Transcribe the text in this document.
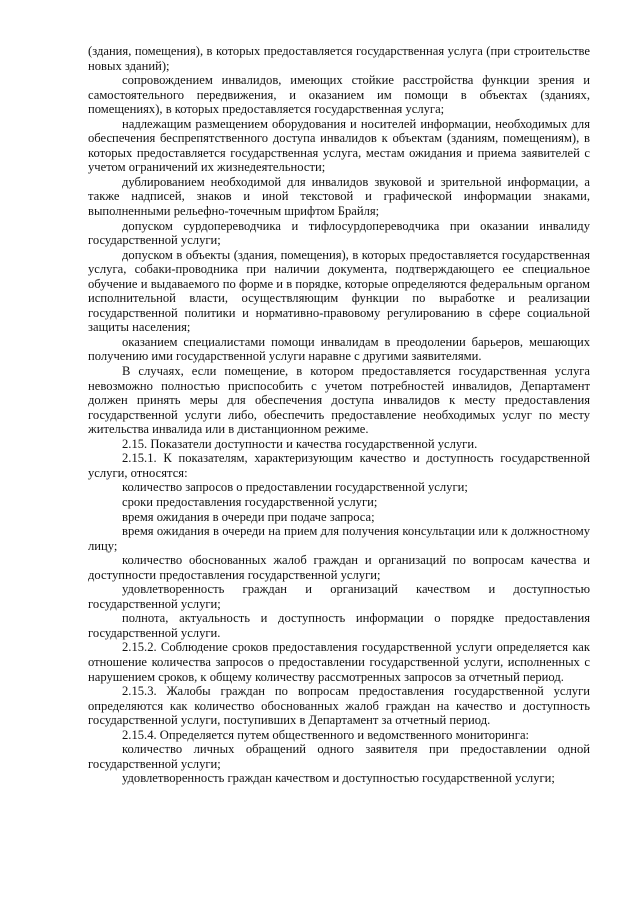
(здания, помещения), в которых предоставляется государственная услуга (при строительстве новых зданий);

сопровождением инвалидов, имеющих стойкие расстройства функции зрения и самостоятельного передвижения, и оказанием им помощи в объектах (зданиях, помещениях), в которых предоставляется государственная услуга;

надлежащим размещением оборудования и носителей информации, необходимых для обеспечения беспрепятственного доступа инвалидов к объектам (зданиям, помещениям), в которых предоставляется государственная услуга, местам ожидания и приема заявителей с учетом ограничений их жизнедеятельности;

дублированием необходимой для инвалидов звуковой и зрительной информации, а также надписей, знаков и иной текстовой и графической информации знаками, выполненными рельефно-точечным шрифтом Брайля;

допуском сурдопереводчика и тифлосурдопереводчика при оказании инвалиду государственной услуги;

допуском в объекты (здания, помещения), в которых предоставляется государственная услуга, собаки-проводника при наличии документа, подтверждающего ее специальное обучение и выдаваемого по форме и в порядке, которые определяются федеральным органом исполнительной власти, осуществляющим функции по выработке и реализации государственной политики и нормативно-правовому регулированию в сфере социальной защиты населения;

оказанием специалистами помощи инвалидам в преодолении барьеров, мешающих получению ими государственной услуги наравне с другими заявителями.

В случаях, если помещение, в котором предоставляется государственная услуга невозможно полностью приспособить с учетом потребностей инвалидов, Департамент должен принять меры для обеспечения доступа инвалидов к месту предоставления государственной услуги либо, обеспечить предоставление необходимых услуг по месту жительства инвалида или в дистанционном режиме.

2.15. Показатели доступности и качества государственной услуги.

2.15.1. К показателям, характеризующим качество и доступность государственной услуги, относятся:

количество запросов о предоставлении государственной услуги;

сроки предоставления государственной услуги;

время ожидания в очереди при подаче запроса;

время ожидания в очереди на прием для получения консультации или к должностному лицу;

количество обоснованных жалоб граждан и организаций по вопросам качества и доступности предоставления государственной услуги;

удовлетворенность граждан и организаций качеством и доступностью государственной услуги;

полнота, актуальность и доступность информации о порядке предоставления государственной услуги.

2.15.2. Соблюдение сроков предоставления государственной услуги определяется как отношение количества запросов о предоставлении государственной услуги, исполненных с нарушением сроков, к общему количеству рассмотренных запросов за отчетный период.

2.15.3. Жалобы граждан по вопросам предоставления государственной услуги определяются как количество обоснованных жалоб граждан на качество и доступность государственной услуги, поступивших в Департамент за отчетный период.

2.15.4. Определяется путем общественного и ведомственного мониторинга:

количество личных обращений одного заявителя при предоставлении одной государственной услуги;

удовлетворенность граждан качеством и доступностью государственной услуги;
